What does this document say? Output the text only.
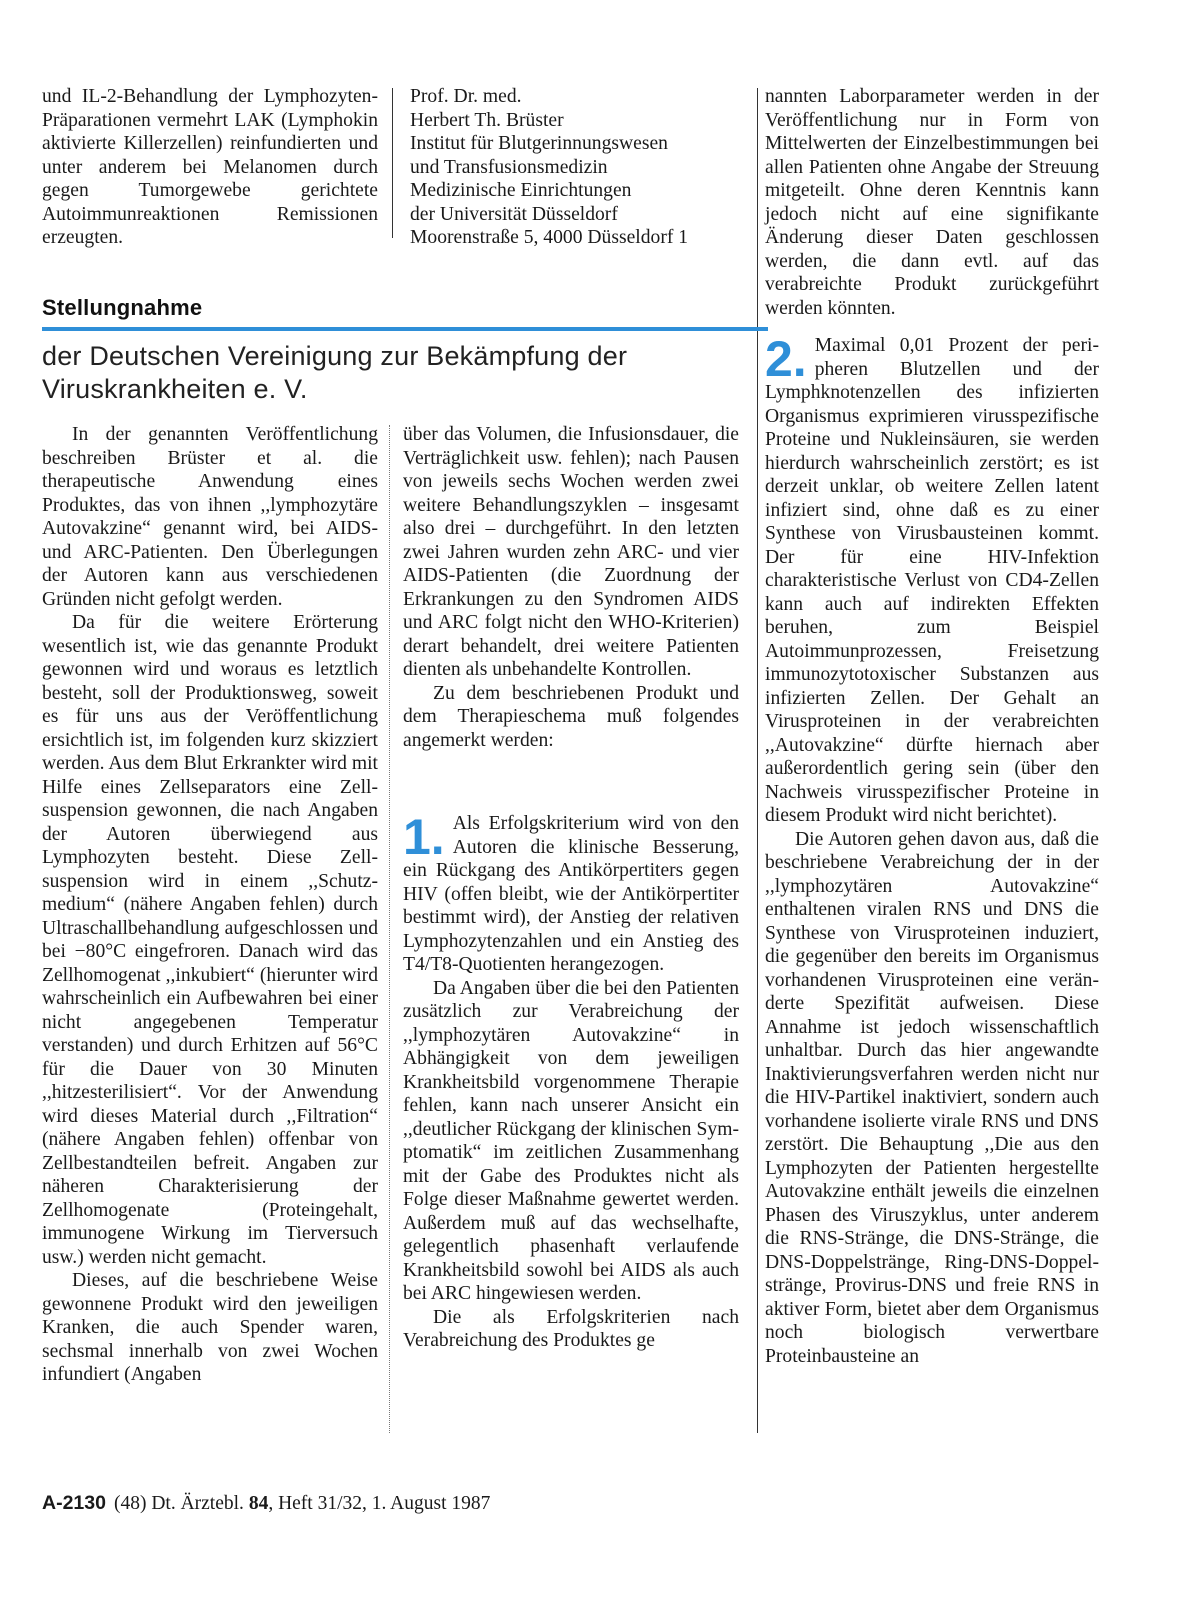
und IL-2-Behandlung der Lymphozyten-Präparationen vermehrt LAK (Lymphokin aktivierte Killerzellen) reinfundierten und unter anderem bei Melanomen durch gegen Tumorgewebe gerichtete Autoimmunreaktionen Remissionen erzeugten.

Prof. Dr. med.
Herbert Th. Brüster
Institut für Blutgerinnungswesen
und Transfusionsmedizin
Medizinische Einrichtungen
der Universität Düsseldorf
Moorenstraße 5, 4000 Düsseldorf 1
Stellungnahme
der Deutschen Vereinigung zur Bekämpfung der Viruskrankheiten e. V.

In der genannten Veröffentlichung beschreiben Brüster et al. die therapeutische Anwendung eines Produktes, das von ihnen ,,lymphozytäre Autovakzine“ genannt wird, bei AIDS- und ARC-Patienten. Den Überlegungen der Autoren kann aus verschiedenen Gründen nicht gefolgt werden.

Da für die weitere Erörterung wesentlich ist, wie das genannte Produkt gewonnen wird und woraus es letztlich besteht, soll der Produktionsweg, soweit es für uns aus der Veröffentlichung ersichtlich ist, im folgenden kurz skizziert werden. Aus dem Blut Erkrankter wird mit Hilfe eines Zellseparators eine Zellsuspension gewonnen, die nach Angaben der Autoren überwiegend aus Lymphozyten besteht. Diese Zellsuspension wird in einem ,,Schutzmedium“ (nähere Angaben fehlen) durch Ultraschallbehandlung aufgeschlossen und bei −80°C eingefroren. Danach wird das Zellhomogenat ,,inkubiert“ (hierunter wird wahrscheinlich ein Aufbewahren bei einer nicht angegebenen Temperatur verstanden) und durch Erhitzen auf 56°C für die Dauer von 30 Minuten ,,hitzesterilisiert“. Vor der Anwendung wird dieses Material durch ,,Filtration“ (nähere Angaben fehlen) offenbar von Zellbestandteilen befreit. Angaben zur näheren Charakterisierung der Zellhomogenate (Proteingehalt, immunogene Wirkung im Tierversuch usw.) werden nicht gemacht.

Dieses, auf die beschriebene Weise gewonnene Produkt wird den jeweiligen Kranken, die auch Spender waren, sechsmal innerhalb von zwei Wochen infundiert (Angaben

über das Volumen, die Infusionsdauer, die Verträglichkeit usw. fehlen); nach Pausen von jeweils sechs Wochen werden zwei weitere Behandlungszyklen – insgesamt also drei – durchgeführt. In den letzten zwei Jahren wurden zehn ARC- und vier AIDS-Patienten (die Zuordnung der Erkrankungen zu den Syndromen AIDS und ARC folgt nicht den WHO-Kriterien) derart behandelt, drei weitere Patienten dienten als unbehandelte Kontrollen.

Zu dem beschriebenen Produkt und dem Therapieschema muß folgendes angemerkt werden:

1. Als Erfolgskriterium wird von den Autoren die klinische Besserung, ein Rückgang des Antikörpertiters gegen HIV (offen bleibt, wie der Antikörpertiter bestimmt wird), der Anstieg der relativen Lymphozytenzahlen und ein Anstieg des T4/T8-Quotienten herangezogen.

Da Angaben über die bei den Patienten zusätzlich zur Verabreichung der ,,lymphozytären Autovakzine“ in Abhängigkeit von dem jeweiligen Krankheitsbild vorgenommene Therapie fehlen, kann nach unserer Ansicht ein ,,deutlicher Rückgang der klinischen Symptomatik“ im zeitlichen Zusammenhang mit der Gabe des Produktes nicht als Folge dieser Maßnahme gewertet werden. Außerdem muß auf das wechselhafte, gelegentlich phasenhaft verlaufende Krankheitsbild sowohl bei AIDS als auch bei ARC hingewiesen werden.

Die als Erfolgskriterien nach Verabreichung des Produktes ge

nannten Laborparameter werden in der Veröffentlichung nur in Form von Mittelwerten der Einzelbestimmungen bei allen Patienten ohne Angabe der Streuung mitgeteilt. Ohne deren Kenntnis kann jedoch nicht auf eine signifikante Änderung dieser Daten geschlossen werden, die dann evtl. auf das verabreichte Produkt zurückgeführt werden könnten.

2. Maximal 0,01 Prozent der peripheren Blutzellen und der Lymphknotenzellen des infizierten Organismus exprimieren virusspezifische Proteine und Nukleinsäuren, sie werden hierdurch wahrscheinlich zerstört; es ist derzeit unklar, ob weitere Zellen latent infiziert sind, ohne daß es zu einer Synthese von Virusbausteinen kommt. Der für eine HIV-Infektion charakteristische Verlust von CD4-Zellen kann auch auf indirekten Effekten beruhen, zum Beispiel Autoimmunprozessen, Freisetzung immunozytotoxischer Substanzen aus infizierten Zellen. Der Gehalt an Virusproteinen in der verabreichten ,,Autovakzine“ dürfte hiernach aber außerordentlich gering sein (über den Nachweis virusspezifischer Proteine in diesem Produkt wird nicht berichtet).

Die Autoren gehen davon aus, daß die beschriebene Verabreichung der in der ,,lymphozytären Autovakzine“ enthaltenen viralen RNS und DNS die Synthese von Virusproteinen induziert, die gegenüber den bereits im Organismus vorhandenen Virusproteinen eine veränderte Spezifität aufweisen. Diese Annahme ist jedoch wissenschaftlich unhaltbar. Durch das hier angewandte Inaktivierungsverfahren werden nicht nur die HIV-Partikel inaktiviert, sondern auch vorhandene isolierte virale RNS und DNS zerstört. Die Behauptung ,,Die aus den Lymphozyten der Patienten hergestellte Autovakzine enthält jeweils die einzelnen Phasen des Viruszyklus, unter anderem die RNS-Stränge, die DNS-Stränge, die DNS-Doppelstränge, Ring-DNS-Doppelstränge, Provirus-DNS und freie RNS in aktiver Form, bietet aber dem Organismus noch biologisch verwertbare Proteinbausteine an

A-2130 (48) Dt. Ärztebl. 84, Heft 31/32, 1. August 1987
